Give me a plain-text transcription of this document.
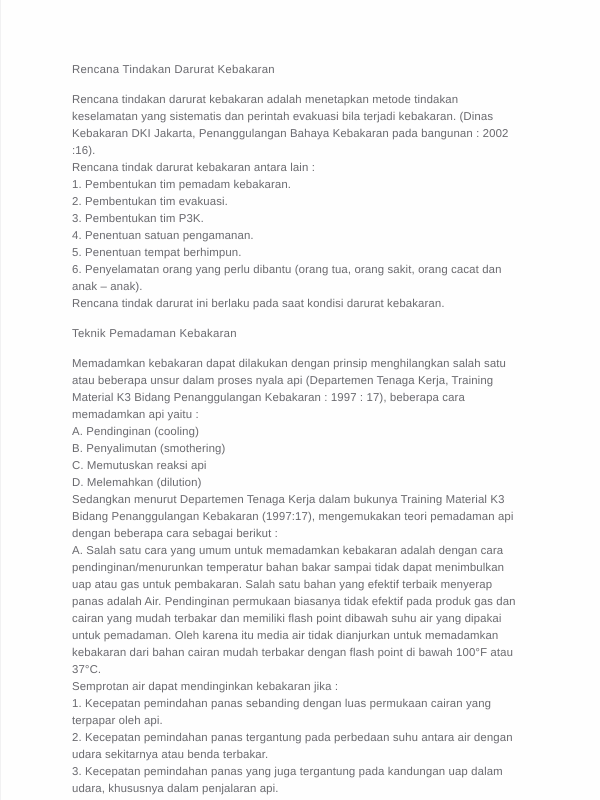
Rencana Tindakan Darurat Kebakaran

Rencana tindakan darurat kebakaran adalah menetapkan metode tindakan keselamatan yang sistematis dan perintah evakuasi bila terjadi kebakaran. (Dinas Kebakaran DKI Jakarta, Penanggulangan Bahaya Kebakaran pada bangunan : 2002 :16).

Rencana tindak darurat kebakaran antara lain :

1. Pembentukan tim pemadam kebakaran.
2. Pembentukan tim evakuasi.
3. Pembentukan tim P3K.
4. Penentuan satuan pengamanan.
5. Penentuan tempat berhimpun.
6. Penyelamatan orang yang perlu dibantu (orang tua, orang sakit, orang cacat dan anak – anak).

Rencana tindak darurat ini berlaku pada saat kondisi darurat kebakaran.

Teknik Pemadaman Kebakaran

Memadamkan kebakaran dapat dilakukan dengan prinsip menghilangkan salah satu atau beberapa unsur dalam proses nyala api (Departemen Tenaga Kerja, Training Material K3 Bidang Penanggulangan Kebakaran : 1997 : 17), beberapa cara memadamkan api yaitu :

A. Pendinginan (cooling)
B. Penyalimutan (smothering)
C. Memutuskan reaksi api
D. Melemahkan (dilution)

Sedangkan menurut Departemen Tenaga Kerja dalam bukunya Training Material K3 Bidang Penanggulangan Kebakaran (1997:17), mengemukakan teori pemadaman api dengan beberapa cara sebagai berikut :

A. Salah satu cara yang umum untuk memadamkan kebakaran adalah dengan cara pendinginan/menurunkan temperatur bahan bakar sampai tidak dapat menimbulkan uap atau gas untuk pembakaran. Salah satu bahan yang efektif terbaik menyerap panas adalah Air. Pendinginan permukaan biasanya tidak efektif pada produk gas dan cairan yang mudah terbakar dan memiliki flash point dibawah suhu air yang dipakai untuk pemadaman. Oleh karena itu media air tidak dianjurkan untuk memadamkan kebakaran dari bahan cairan mudah terbakar dengan flash point di bawah 100°F atau 37°C.

Semprotan air dapat mendinginkan kebakaran jika :

1. Kecepatan pemindahan panas sebanding dengan luas permukaan cairan yang terpapar oleh api.
2. Kecepatan pemindahan panas tergantung pada perbedaan suhu antara air dengan udara sekitarnya atau benda terbakar.
3. Kecepatan pemindahan panas yang juga tergantung pada kandungan uap dalam udara, khususnya dalam penjalaran api.
